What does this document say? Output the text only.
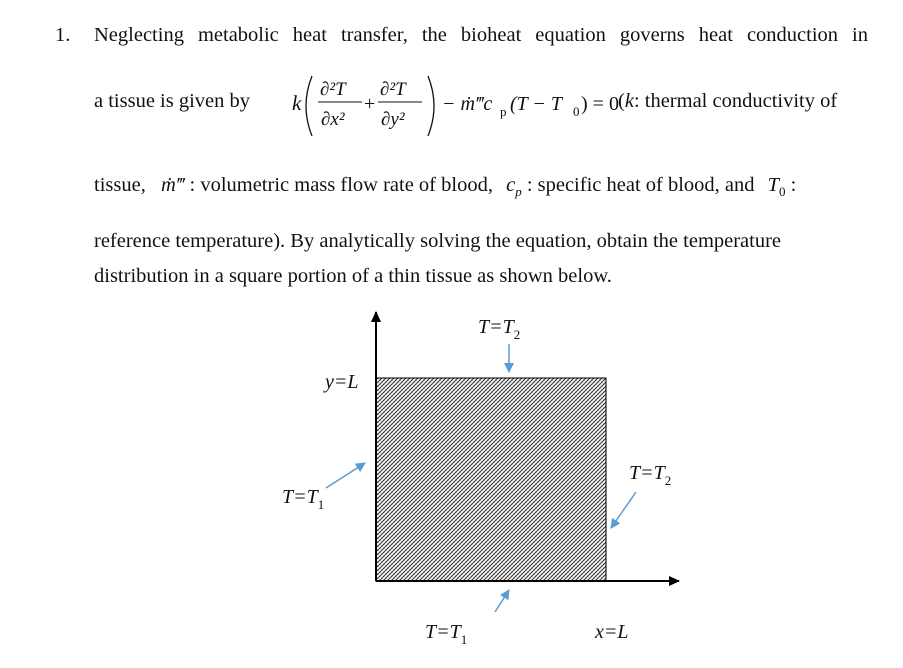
1. Neglecting metabolic heat transfer, the bioheat equation governs heat conduction in
a tissue is given by k
∂²T
∂x²
+
∂²T
∂y²
− ṁ‴c p (T − T 0 ) = 0 (k: thermal conductivity of
tissue, ṁ‴ : volumetric mass flow rate of blood, $c_p$ : specific heat of blood, and $T_0$ :
reference temperature). By analytically solving the equation, obtain the temperature
distribution in a square portion of a thin tissue as shown below.
$T=T_2$
$T=T_2$
$T=T_1$
$T=T_1$
y=L
x=L
